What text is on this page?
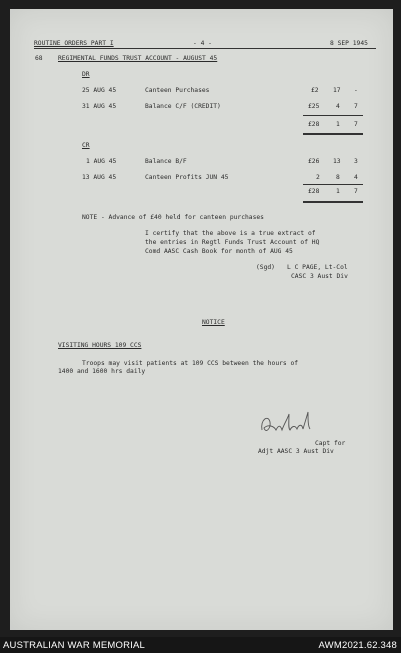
ROUTINE ORDERS PART I	- 4 -	8 SEP 1945
68 REGIMENTAL FUNDS TRUST ACCOUNT - AUGUST 45
DR
25 AUG 45	Canteen Purchases	£2 17 -
31 AUG 45	Balance C/F (CREDIT)	£25	4 7
£28	1 7
CR
1 AUG 45	Balance B/F	£26 13 3
13 AUG 45	Canteen Profits JUN 45	2	8 4
£28	1 7
NOTE - Advance of £40 held for canteen purchases
I certify that the above is a true extract of
the entries in Regtl Funds Trust Account of HQ
Comd AASC Cash Book for month of AUG 45
(Sgd) L C PAGE, Lt-Col
CASC 3 Aust Div
NOTICE
VISITING HOURS 109 CCS
Troops may visit patients at 109 CCS between the hours of
1400 and 1600 hrs daily
Capt for
Adjt AASC 3 Aust Div
AUSTRALIAN WAR MEMORIAL	AWM2021.62.348
